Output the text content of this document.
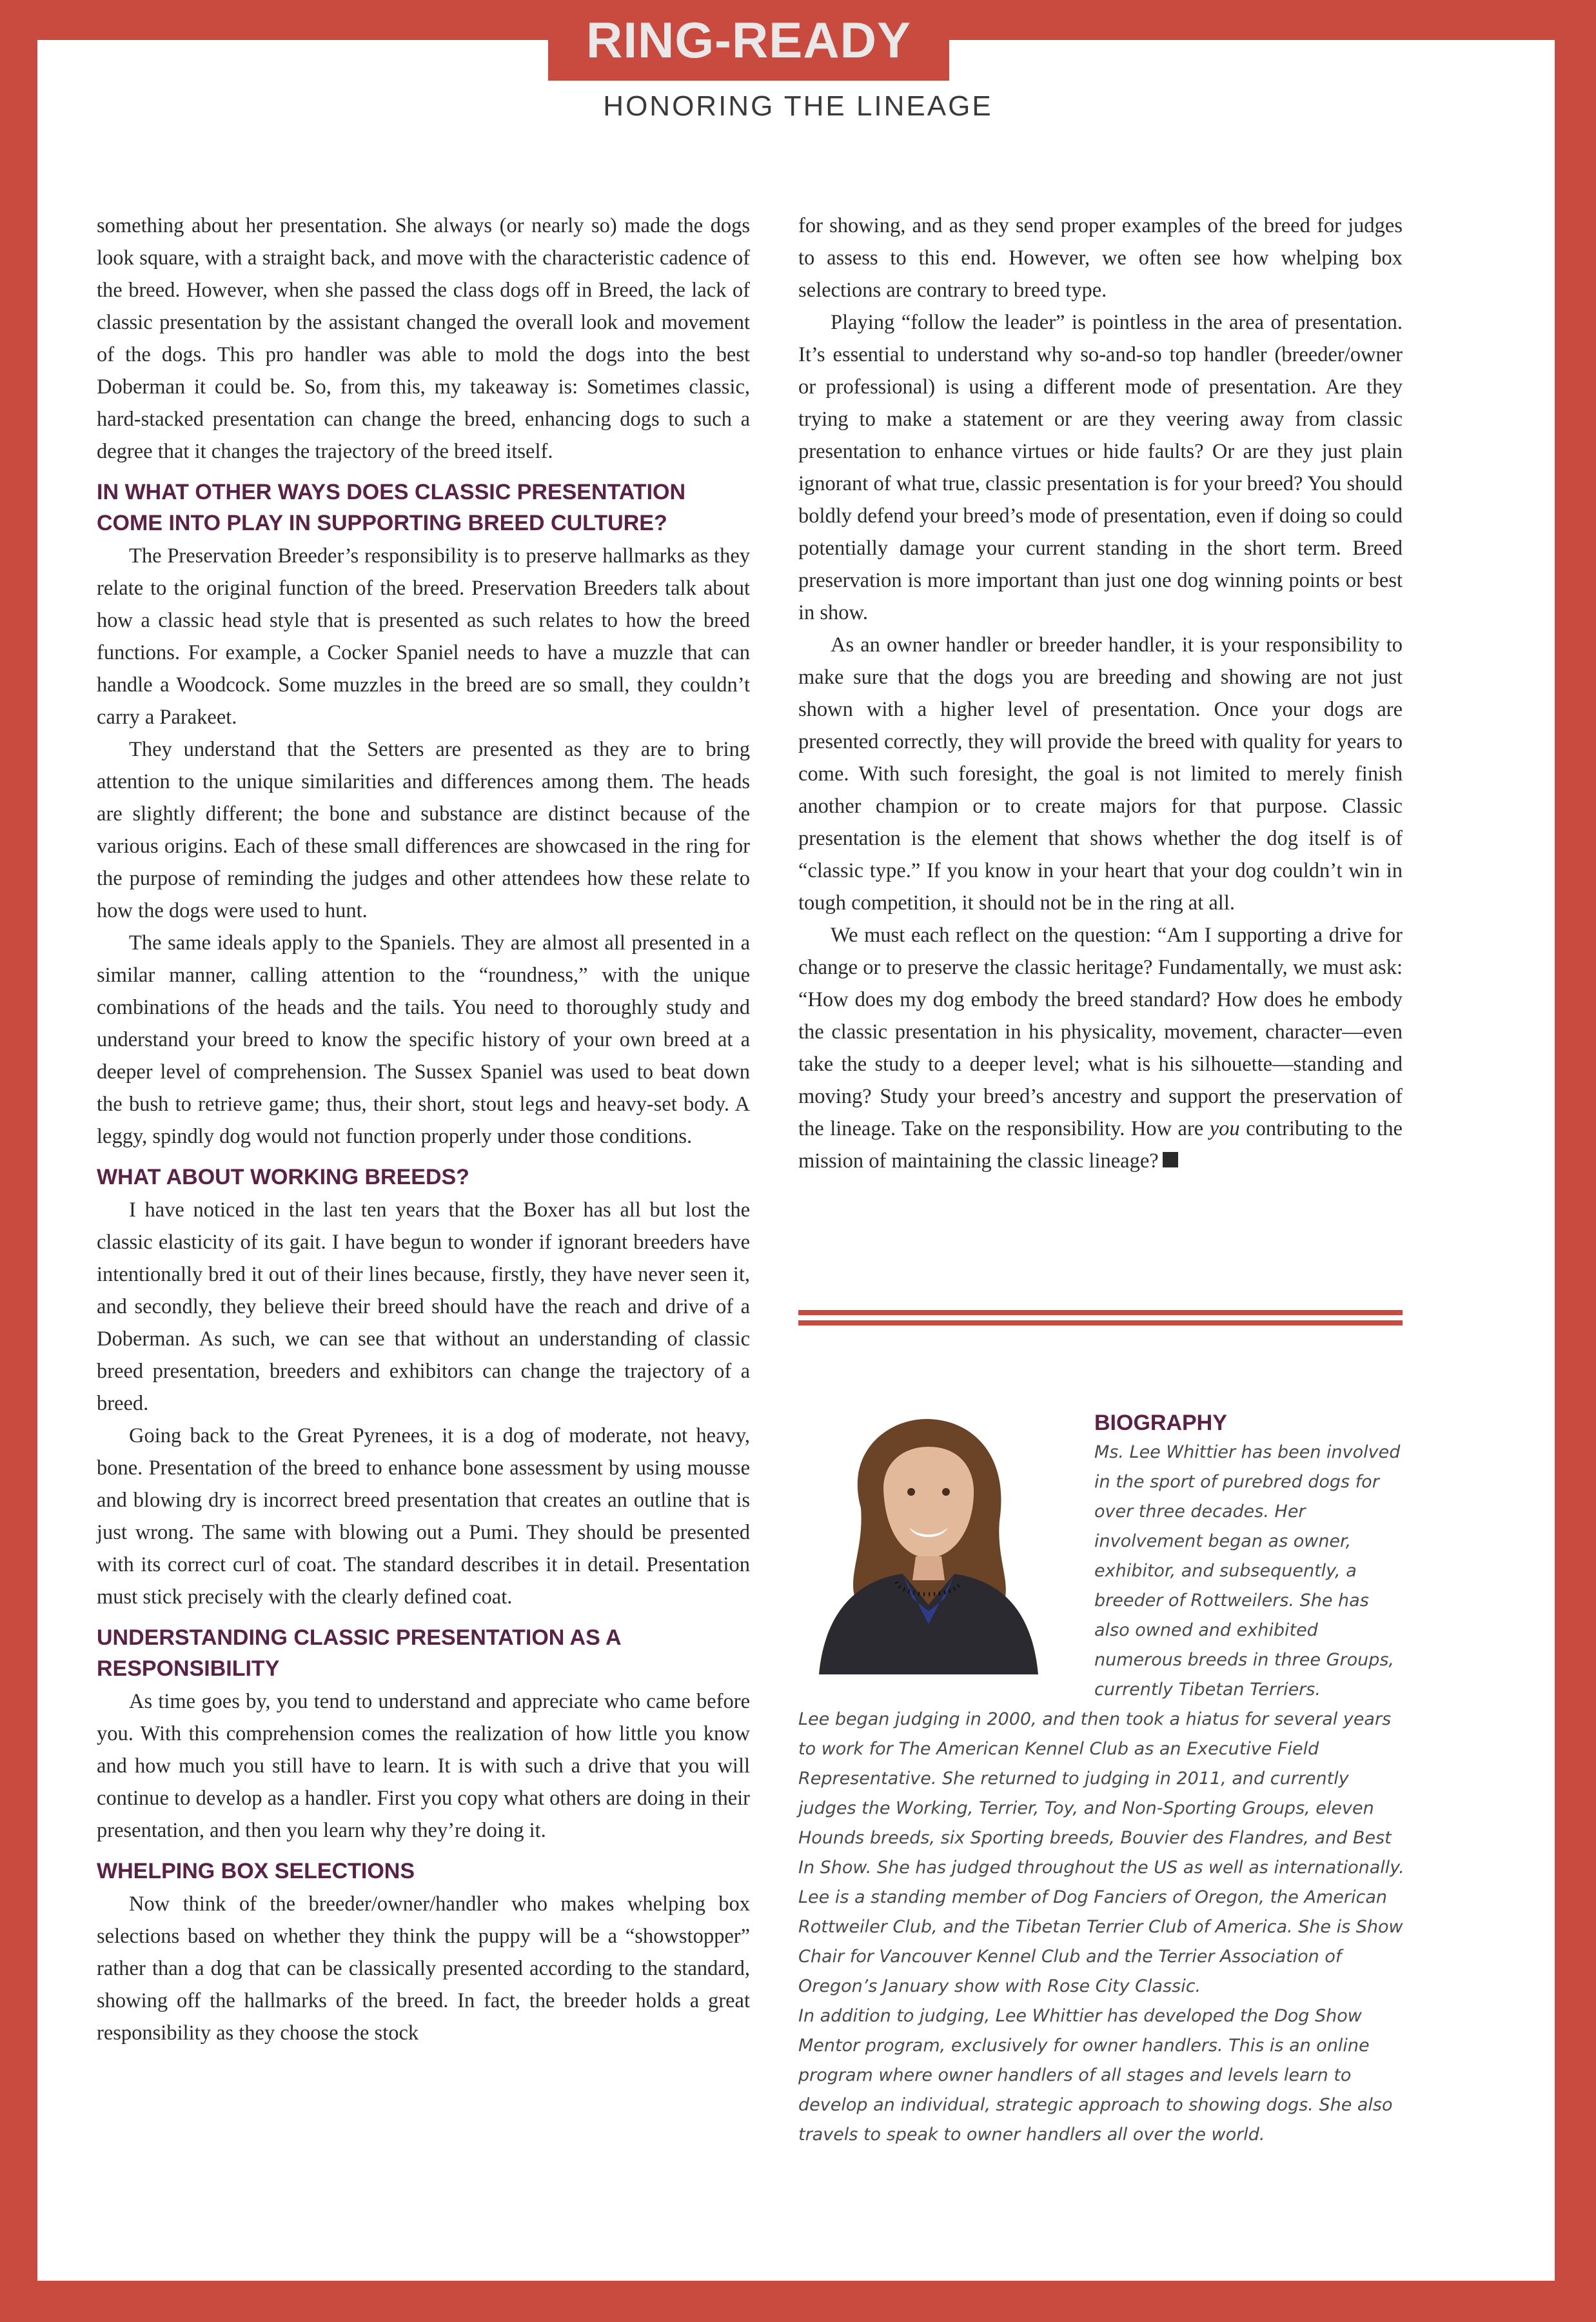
RING-READY
HONORING THE LINEAGE

something about her presentation. She always (or nearly so) made the dogs look square, with a straight back, and move with the characteristic cadence of the breed. However, when she passed the class dogs off in Breed, the lack of classic presentation by the assistant changed the overall look and movement of the dogs. This pro handler was able to mold the dogs into the best Doberman it could be. So, from this, my takeaway is: Sometimes classic, hard-stacked presentation can change the breed, enhancing dogs to such a degree that it changes the trajectory of the breed itself.

IN WHAT OTHER WAYS DOES CLASSIC PRESENTATION COME INTO PLAY IN SUPPORTING BREED CULTURE?

The Preservation Breeder’s responsibility is to preserve hallmarks as they relate to the original function of the breed. Preservation Breeders talk about how a classic head style that is presented as such relates to how the breed functions. For example, a Cocker Spaniel needs to have a muzzle that can handle a Woodcock. Some muzzles in the breed are so small, they couldn’t carry a Parakeet.

They understand that the Setters are presented as they are to bring attention to the unique similarities and differences among them. The heads are slightly different; the bone and substance are distinct because of the various origins. Each of these small differences are showcased in the ring for the purpose of reminding the judges and other attendees how these relate to how the dogs were used to hunt.

The same ideals apply to the Spaniels. They are almost all presented in a similar manner, calling attention to the “roundness,” with the unique combinations of the heads and the tails. You need to thoroughly study and understand your breed to know the specific history of your own breed at a deeper level of comprehension. The Sussex Spaniel was used to beat down the bush to retrieve game; thus, their short, stout legs and heavy-set body. A leggy, spindly dog would not function properly under those conditions.

WHAT ABOUT WORKING BREEDS?

I have noticed in the last ten years that the Boxer has all but lost the classic elasticity of its gait. I have begun to wonder if ignorant breeders have intentionally bred it out of their lines because, firstly, they have never seen it, and secondly, they believe their breed should have the reach and drive of a Doberman. As such, we can see that without an understanding of classic breed presentation, breeders and exhibitors can change the trajectory of a breed.

Going back to the Great Pyrenees, it is a dog of moderate, not heavy, bone. Presentation of the breed to enhance bone assessment by using mousse and blowing dry is incorrect breed presentation that creates an outline that is just wrong. The same with blowing out a Pumi. They should be presented with its correct curl of coat. The standard describes it in detail. Presentation must stick precisely with the clearly defined coat.

UNDERSTANDING CLASSIC PRESENTATION AS A RESPONSIBILITY

As time goes by, you tend to understand and appreciate who came before you. With this comprehension comes the realization of how little you know and how much you still have to learn. It is with such a drive that you will continue to develop as a handler. First you copy what others are doing in their presentation, and then you learn why they’re doing it.

WHELPING BOX SELECTIONS

Now think of the breeder/owner/handler who makes whelping box selections based on whether they think the puppy will be a “showstopper” rather than a dog that can be classically presented according to the standard, showing off the hallmarks of the breed. In fact, the breeder holds a great responsibility as they choose the stock

for showing, and as they send proper examples of the breed for judges to assess to this end. However, we often see how whelping box selections are contrary to breed type.

Playing “follow the leader” is pointless in the area of presentation. It’s essential to understand why so-and-so top handler (breeder/owner or professional) is using a different mode of presentation. Are they trying to make a statement or are they veering away from classic presentation to enhance virtues or hide faults? Or are they just plain ignorant of what true, classic presentation is for your breed? You should boldly defend your breed’s mode of presentation, even if doing so could potentially damage your current standing in the short term. Breed preservation is more important than just one dog winning points or best in show.

As an owner handler or breeder handler, it is your responsibility to make sure that the dogs you are breeding and showing are not just shown with a higher level of presentation. Once your dogs are presented correctly, they will provide the breed with quality for years to come. With such foresight, the goal is not limited to merely finish another champion or to create majors for that purpose. Classic presentation is the element that shows whether the dog itself is of “classic type.” If you know in your heart that your dog couldn’t win in tough competition, it should not be in the ring at all.

We must each reflect on the question: “Am I supporting a drive for change or to preserve the classic heritage? Fundamentally, we must ask: “How does my dog embody the breed standard? How does he embody the classic presentation in his physicality, movement, character—even take the study to a deeper level; what is his silhouette—standing and moving? Study your breed’s ancestry and support the preservation of the lineage. Take on the responsibility. How are you contributing to the mission of maintaining the classic lineage?

BIOGRAPHY

Ms. Lee Whittier has been involved in the sport of purebred dogs for over three decades. Her involvement began as owner, exhibitor, and subsequently, a breeder of Rottweilers. She has also owned and exhibited numerous breeds in three Groups, currently Tibetan Terriers.

Lee began judging in 2000, and then took a hiatus for several years to work for The American Kennel Club as an Executive Field Representative. She returned to judging in 2011, and currently judges the Working, Terrier, Toy, and Non-Sporting Groups, eleven Hounds breeds, six Sporting breeds, Bouvier des Flandres, and Best In Show. She has judged throughout the US as well as internationally.

Lee is a standing member of Dog Fanciers of Oregon, the American Rottweiler Club, and the Tibetan Terrier Club of America. She is Show Chair for Vancouver Kennel Club and the Terrier Association of Oregon’s January show with Rose City Classic.

In addition to judging, Lee Whittier has developed the Dog Show Mentor program, exclusively for owner handlers. This is an online program where owner handlers of all stages and levels learn to develop an individual, strategic approach to showing dogs. She also travels to speak to owner handlers all over the world.
